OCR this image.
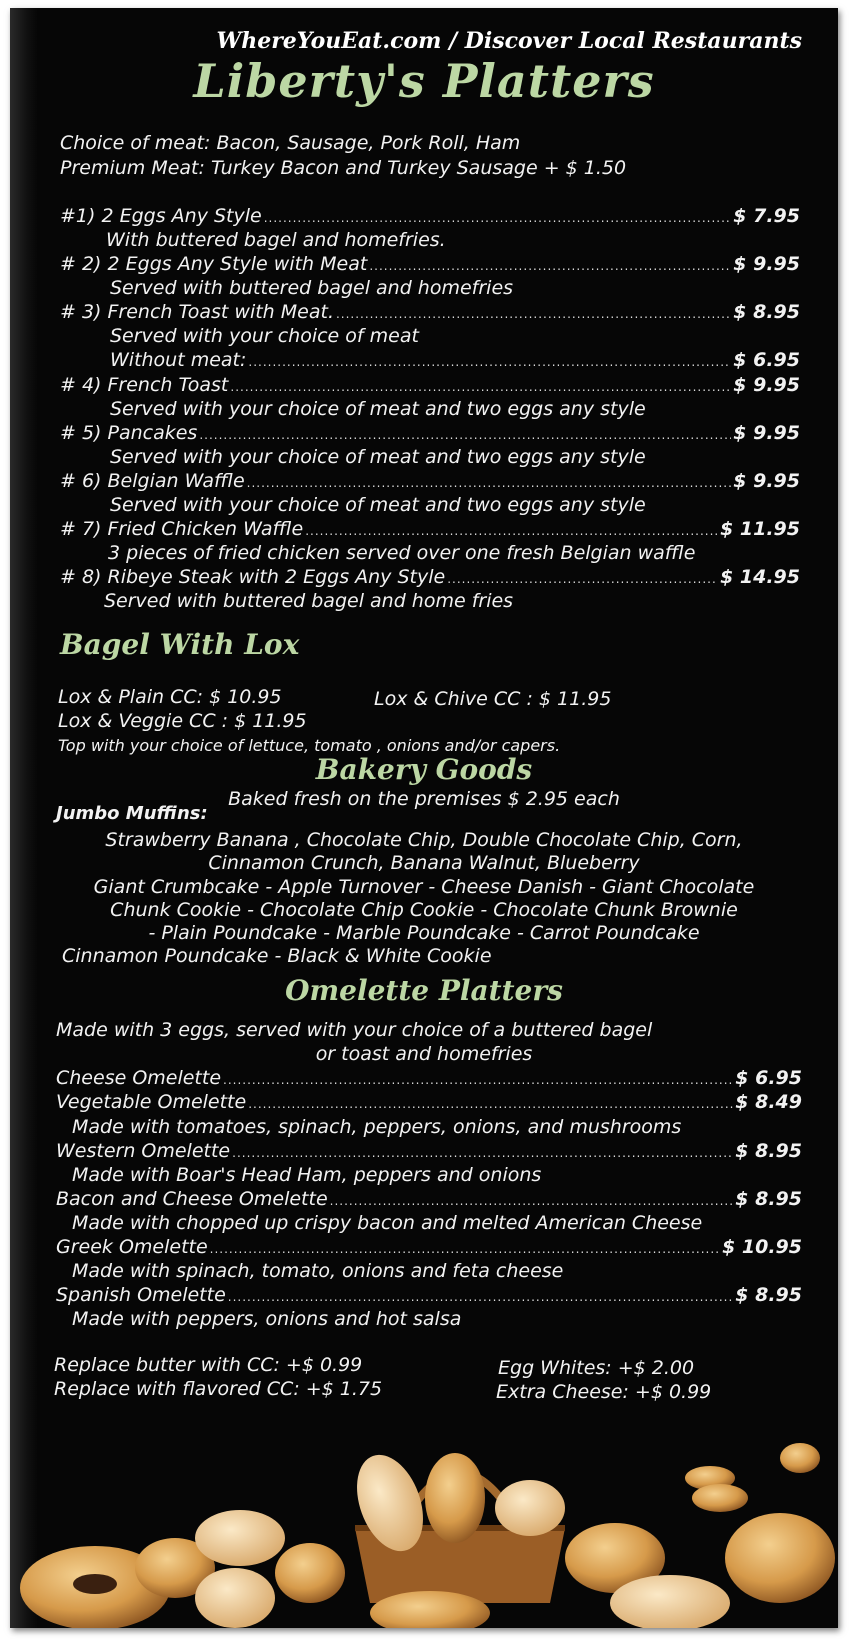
WhereYouEat.com / Discover Local Restaurants
Liberty's Platters
Choice of meat: Bacon, Sausage, Pork Roll, Ham
Premium Meat: Turkey Bacon and Turkey Sausage + $ 1.50
#1) 2 Eggs Any Style .....	$ 7.95
With buttered bagel and homefries.
# 2) 2 Eggs Any Style with Meat .....	$ 9.95
Served with buttered bagel and homefries
# 3) French Toast with Meat. .....	$ 8.95
Served with your choice of meat
Without meat: .....	$ 6.95
# 4) French Toast .....	$ 9.95
Served with your choice of meat and two eggs any style
# 5) Pancakes .....	$ 9.95
Served with your choice of meat and two eggs any style
# 6) Belgian Waffle .....	$ 9.95
Served with your choice of meat and two eggs any style
# 7) Fried Chicken Waffle .....	$ 11.95
3 pieces of fried chicken served over one fresh Belgian waffle
# 8) Ribeye Steak with 2 Eggs Any Style .....	$ 14.95
Served with buttered bagel and home fries
Bagel With Lox
Lox & Plain CC: $ 10.95	Lox & Chive CC : $ 11.95
Lox & Veggie CC : $ 11.95
Top with your choice of lettuce, tomato , onions and/or capers.
Bakery Goods
Baked fresh on the premises $ 2.95 each
Jumbo Muffins:
Strawberry Banana , Chocolate Chip, Double Chocolate Chip, Corn,
Cinnamon Crunch, Banana Walnut, Blueberry
Giant Crumbcake - Apple Turnover - Cheese Danish - Giant Chocolate
Chunk Cookie - Chocolate Chip Cookie - Chocolate Chunk Brownie
- Plain Poundcake - Marble Poundcake - Carrot Poundcake
Cinnamon Poundcake - Black & White Cookie
Omelette Platters
Made with 3 eggs, served with your choice of a buttered bagel
or toast and homefries
Cheese Omelette .....	$ 6.95
Vegetable Omelette .....	$ 8.49
Made with tomatoes, spinach, peppers, onions, and mushrooms
Western Omelette .....	$ 8.95
Made with Boar's Head Ham, peppers and onions
Bacon and Cheese Omelette .....	$ 8.95
Made with chopped up crispy bacon and melted American Cheese
Greek Omelette .....	$ 10.95
Made with spinach, tomato, onions and feta cheese
Spanish Omelette .....	$ 8.95
Made with peppers, onions and hot salsa
Replace butter with CC: +$ 0.99
Replace with flavored CC: +$ 1.75
Egg Whites: +$ 2.00
Extra Cheese: +$ 0.99
